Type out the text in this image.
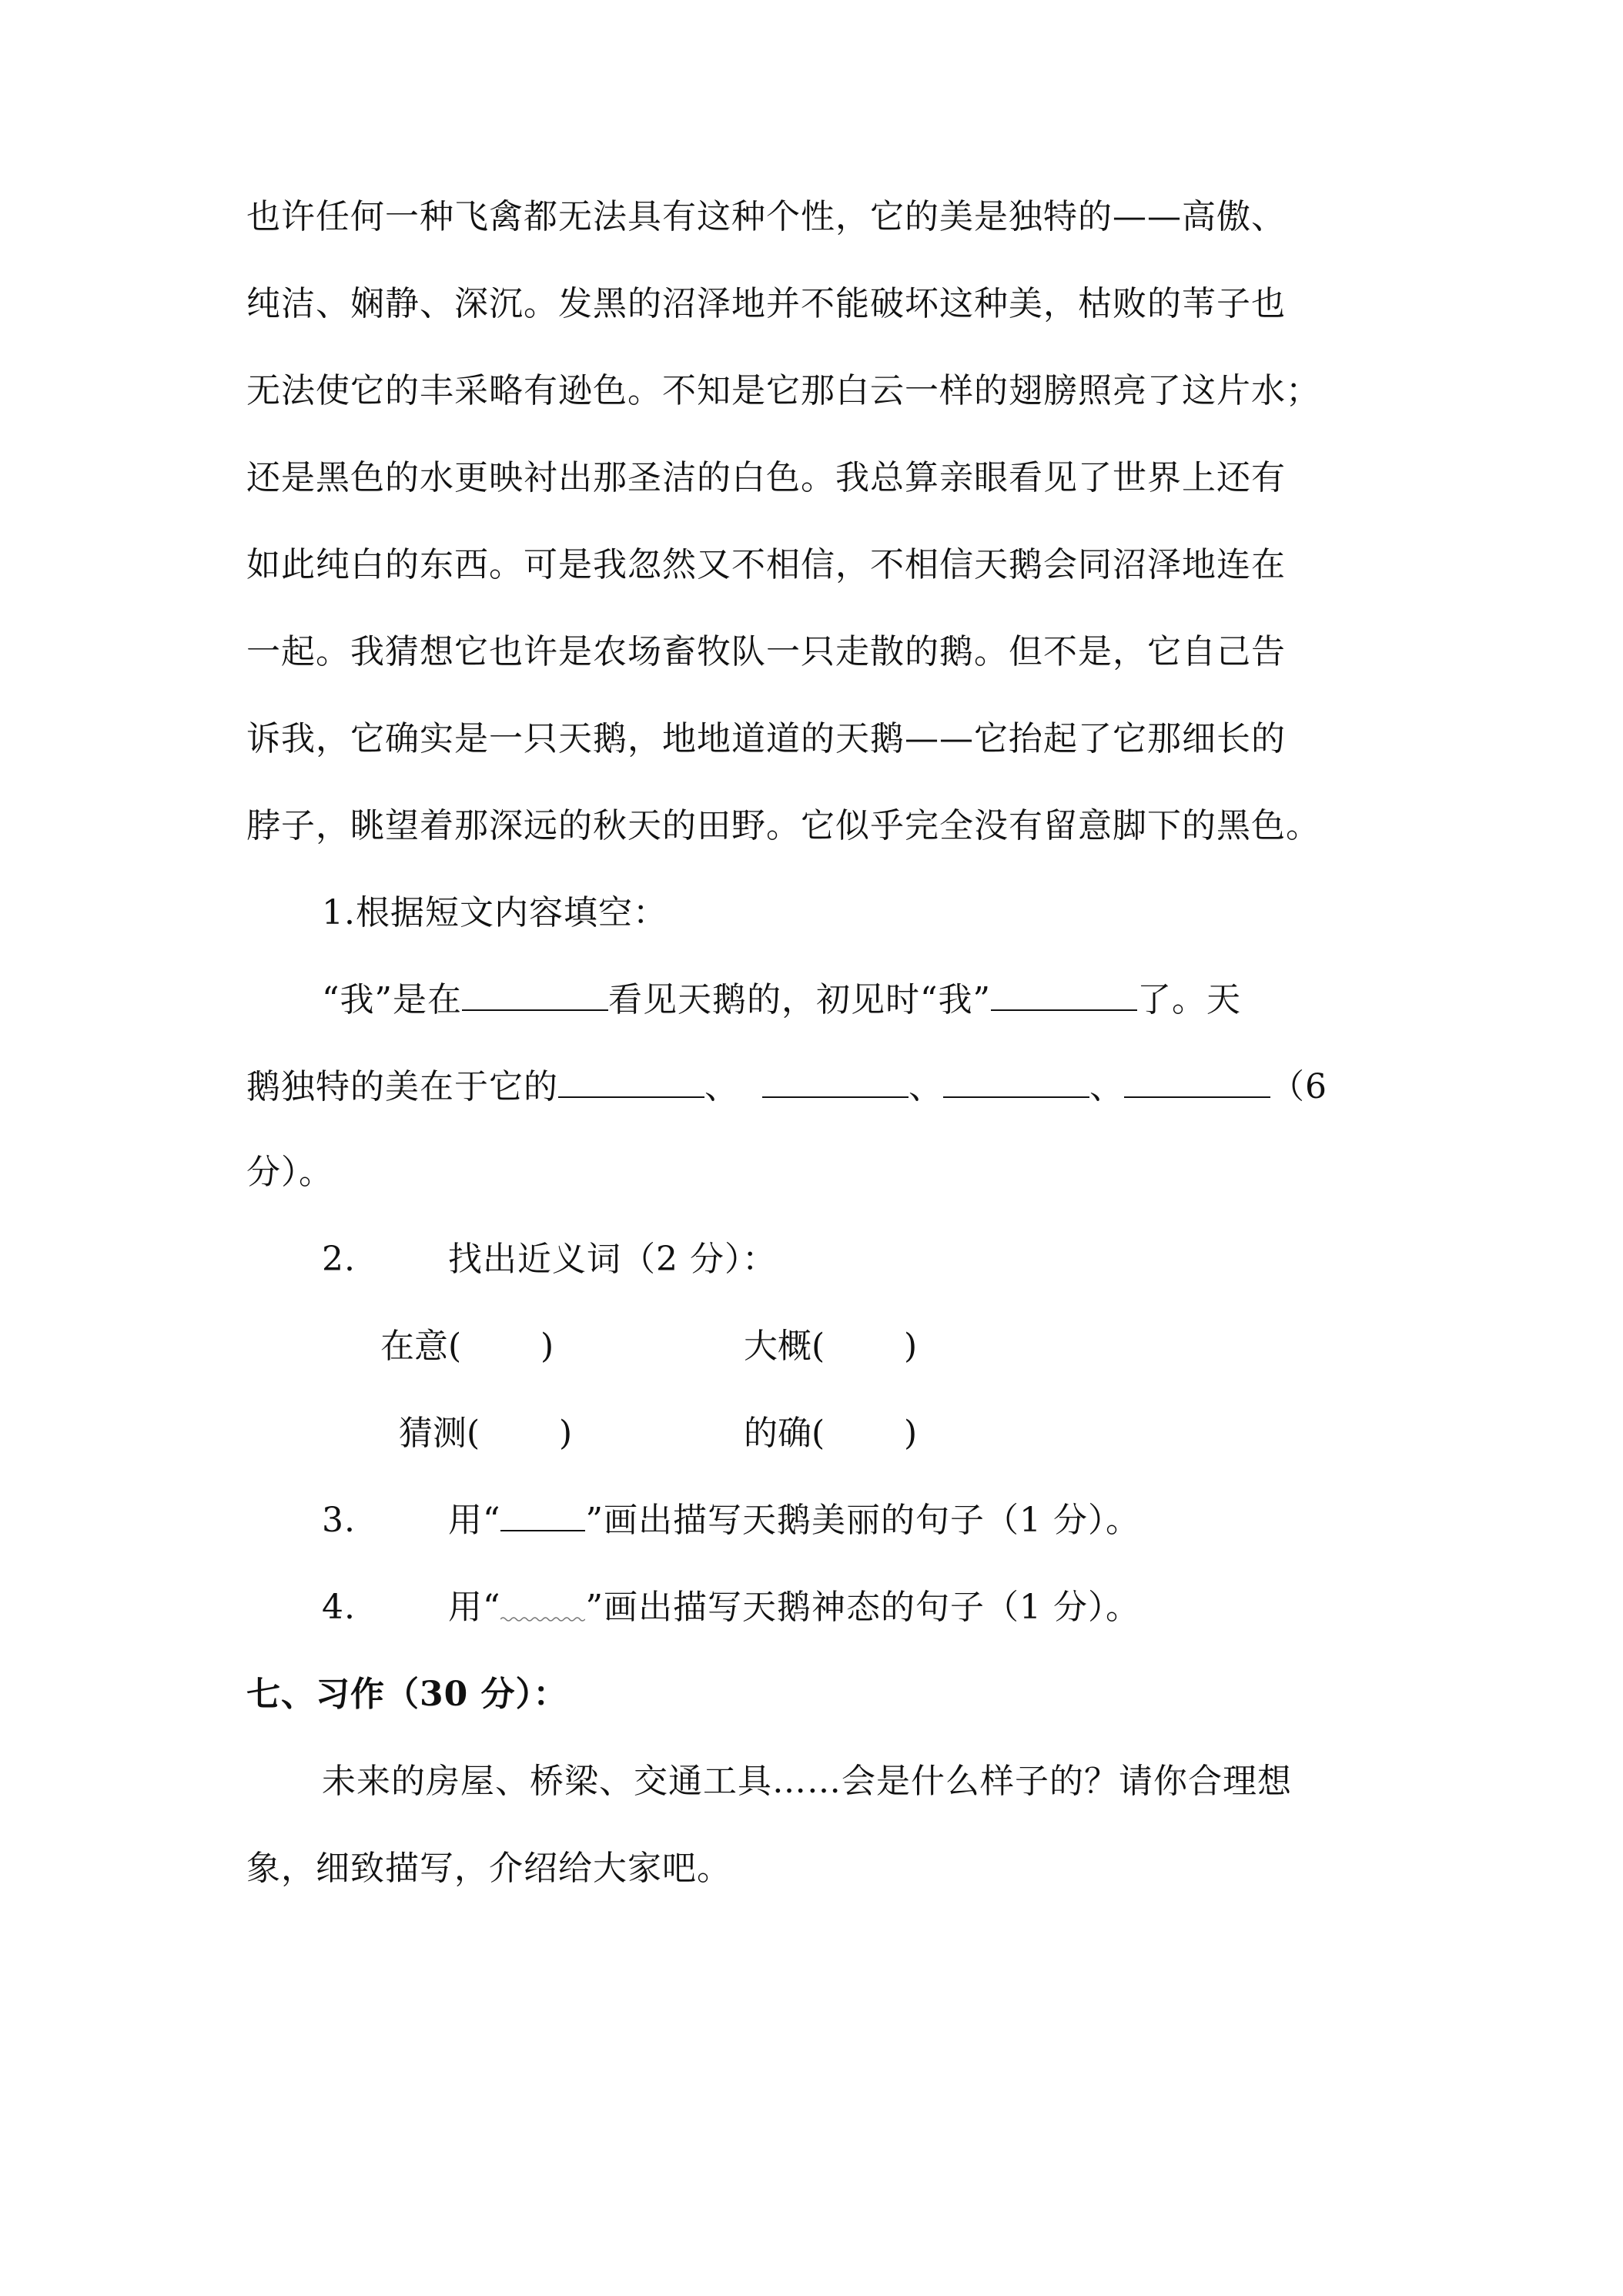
也许任何一种飞禽都无法具有这种个性，它的美是独特的——高傲、
纯洁、娴静、深沉。发黑的沼泽地并不能破坏这种美，枯败的苇子也
无法使它的丰采略有逊色。不知是它那白云一样的翅膀照亮了这片水；
还是黑色的水更映衬出那圣洁的白色。我总算亲眼看见了世界上还有
如此纯白的东西。可是我忽然又不相信，不相信天鹅会同沼泽地连在
一起。我猜想它也许是农场畜牧队一只走散的鹅。但不是，它自己告
诉我，它确实是一只天鹅，地地道道的天鹅——它抬起了它那细长的
脖子，眺望着那深远的秋天的田野。它似乎完全没有留意脚下的黑色。
1.根据短文内容填空：
“我”是在	看见天鹅的，初见时“我”	了。天
鹅独特的美在于它的	、	、	、	（6
分）。
2.	找出近义词（2 分）：
在意( )	大概( )
猜测( )	的确( )
3.	用“	”画出描写天鹅美丽的句子（1 分）。
4.	用“	”画出描写天鹅神态的句子（1 分）。
七、习作（30 分）：
未来的房屋、桥梁、交通工具……会是什么样子的？请你合理想
象，细致描写，介绍给大家吧。
